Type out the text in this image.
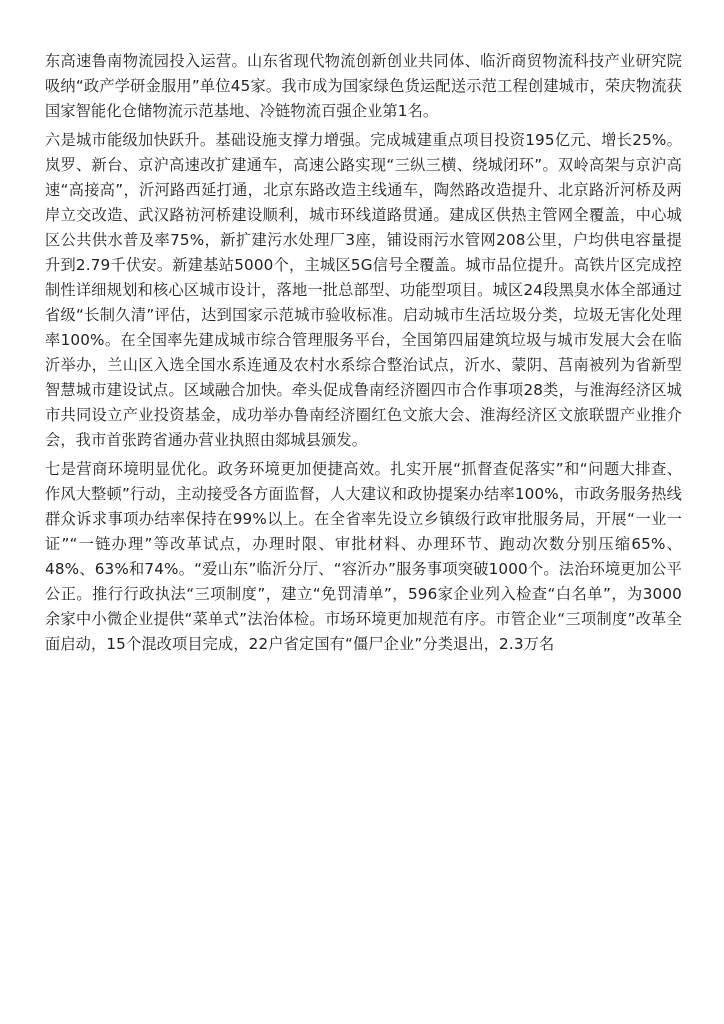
东高速鲁南物流园投入运营。山东省现代物流创新创业共同体、临沂商贸物流科技产业研究院吸纳“政产学研金服用”单位45家。我市成为国家绿色货运配送示范工程创建城市，荣庆物流获国家智能化仓储物流示范基地、冷链物流百强企业第1名。

六是城市能级加快跃升。基础设施支撑力增强。完成城建重点项目投资195亿元、增长25%。岚罗、新台、京沪高速改扩建通车，高速公路实现“三纵三横、绕城闭环”。双岭高架与京沪高速“高接高”，沂河路西延打通，北京东路改造主线通车，陶然路改造提升、北京路沂河桥及两岸立交改造、武汉路祊河桥建设顺利，城市环线道路贯通。建成区供热主管网全覆盖，中心城区公共供水普及率75%，新扩建污水处理厂3座，铺设雨污水管网208公里，户均供电容量提升到2.79千伏安。新建基站5000个，主城区5G信号全覆盖。城市品位提升。高铁片区完成控制性详细规划和核心区城市设计，落地一批总部型、功能型项目。城区24段黑臭水体全部通过省级“长制久清”评估，达到国家示范城市验收标准。启动城市生活垃圾分类，垃圾无害化处理率100%。在全国率先建成城市综合管理服务平台，全国第四届建筑垃圾与城市发展大会在临沂举办，兰山区入选全国水系连通及农村水系综合整治试点，沂水、蒙阴、莒南被列为省新型智慧城市建设试点。区域融合加快。牵头促成鲁南经济圈四市合作事项28类，与淮海经济区城市共同设立产业投资基金，成功举办鲁南经济圈红色文旅大会、淮海经济区文旅联盟产业推介会，我市首张跨省通办营业执照由郯城县颁发。

七是营商环境明显优化。政务环境更加便捷高效。扎实开展“抓督查促落实”和“问题大排查、作风大整顿”行动，主动接受各方面监督，人大建议和政协提案办结率100%，市政务服务热线群众诉求事项办结率保持在99%以上。在全省率先设立乡镇级行政审批服务局，开展“一业一证”“一链办理”等改革试点，办理时限、审批材料、办理环节、跑动次数分别压缩65%、48%、63%和74%。“爱山东”临沂分厅、“容沂办”服务事项突破1000个。法治环境更加公平公正。推行行政执法“三项制度”，建立“免罚清单”，596家企业列入检查“白名单”，为3000余家中小微企业提供“菜单式”法治体检。市场环境更加规范有序。市管企业“三项制度”改革全面启动，15个混改项目完成，22户省定国有“僵尸企业”分类退出，2.3万名
